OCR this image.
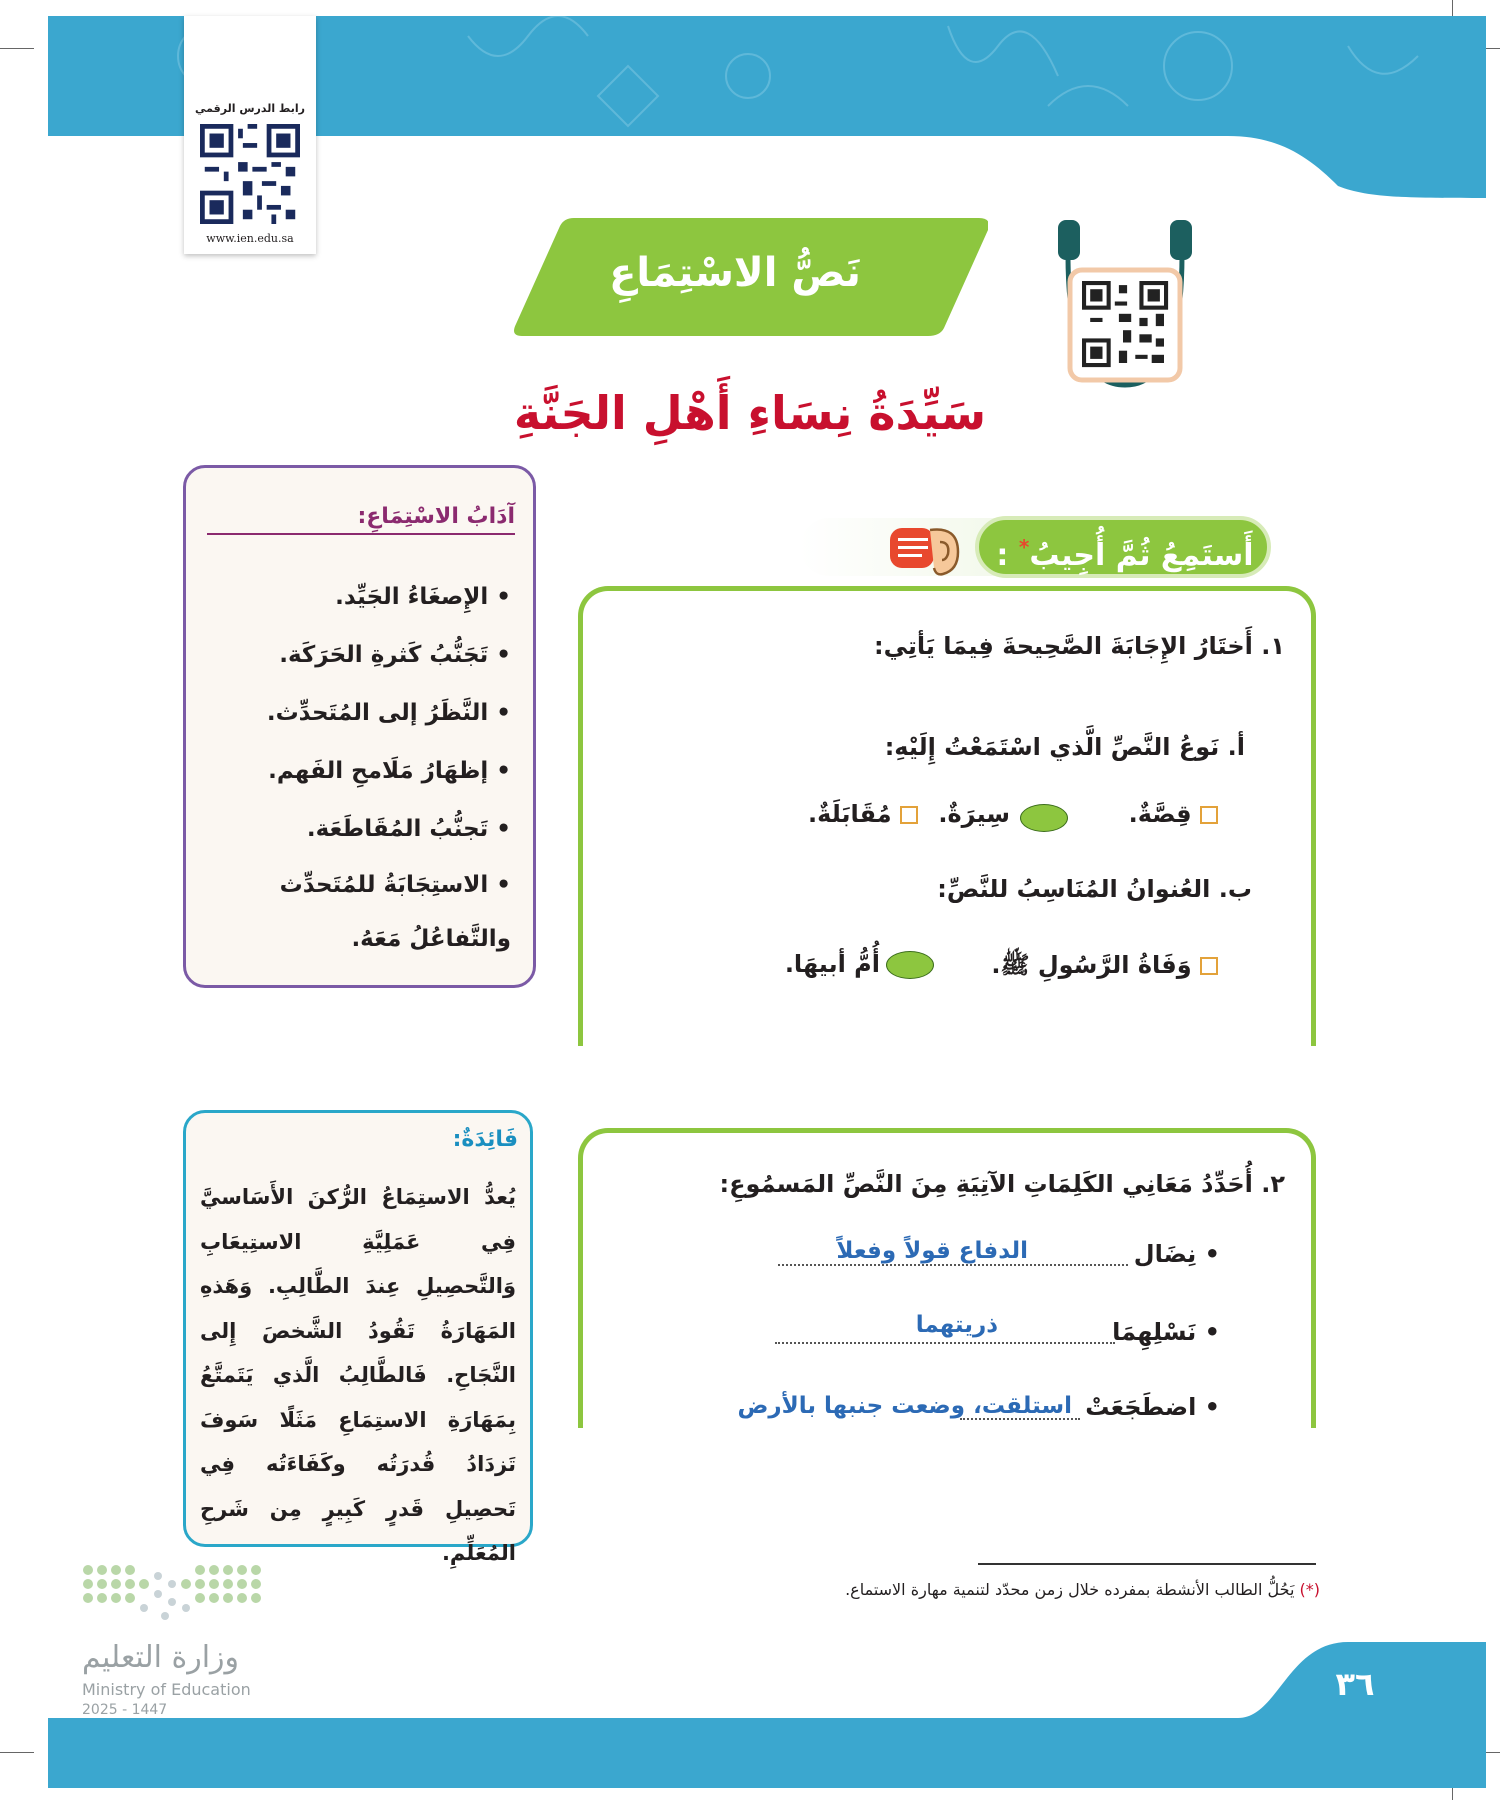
رابط الدرس الرقمي
www.ien.edu.sa
نَصُّ الاسْتِمَاعِ
سَيِّدَةُ نِسَاءِ أَهْلِ الجَنَّةِ
آدَابُ الاسْتِمَاعِ:
•الإِصغَاءُ الجَيِّد.
•تَجَنُّبُ كَثرةِ الحَرَكَة.
•النَّظَرُ إلى المُتَحدِّث.
•إظهَارُ مَلَامحِ الفَهم.
•تَجنُّبُ المُقَاطَعَة.
•الاستِجَابَةُ للمُتَحدِّث والتَّفاعُلُ مَعَهُ.
أَستَمِعُ ثُمَّ أُجِيبُ* :
١. أَختَارُ الإِجَابَةَ الصَّحِيحةَ فِيمَا يَأتِي:
أ. نَوعُ النَّصِّ الَّذي اسْتَمَعْتُ إِلَيْهِ:
قِصَّةٌ.
سِيرَةٌ.
مُقَابَلَةٌ.
ب. العُنوانُ المُنَاسِبُ للنَّصِّ:
وَفَاةُ الرَّسُولِ ﷺ.
أُمُّ أبيهَا.
فَائِدَةٌ:
يُعدُّ الاستِمَاعُ الرُّكنَ الأَسَاسيَّ فِي عَمَلِيَّةِ الاستِيعَابِ وَالتَّحصِيلِ عِندَ الطَّالِبِ. وَهَذهِ المَهَارَةُ تَقُودُ الشَّخصَ إِلى النَّجَاحِ. فَالطَّالِبُ الَّذي يَتَمتَّعُ بِمَهَارَةِ الاستِمَاعِ مَثَلًا سَوفَ تَزدَادُ قُدرَتُه وكَفَاءَتُه فِي تَحصِيلِ قَدرٍ كَبِيرٍ مِن شَرحِ المُعَلِّمِ.
٢. أُحَدِّدُ مَعَانِي الكَلِمَاتِ الآتِيَةِ مِنَ النَّصِّ المَسمُوعِ:
• نِضَال
الدفاع قولاً وفعلاً
• نَسْلِهِمَا
ذريتهما
• اضطَجَعَتْ
استلقت، وضعت جنبها بالأرض
(*) يَحُلُّ الطالب الأنشطة بمفرده خلال زمن محدّد لتنمية مهارة الاستماع.
٣٦
وزارة التعليم
Ministry of Education
2025 - 1447
